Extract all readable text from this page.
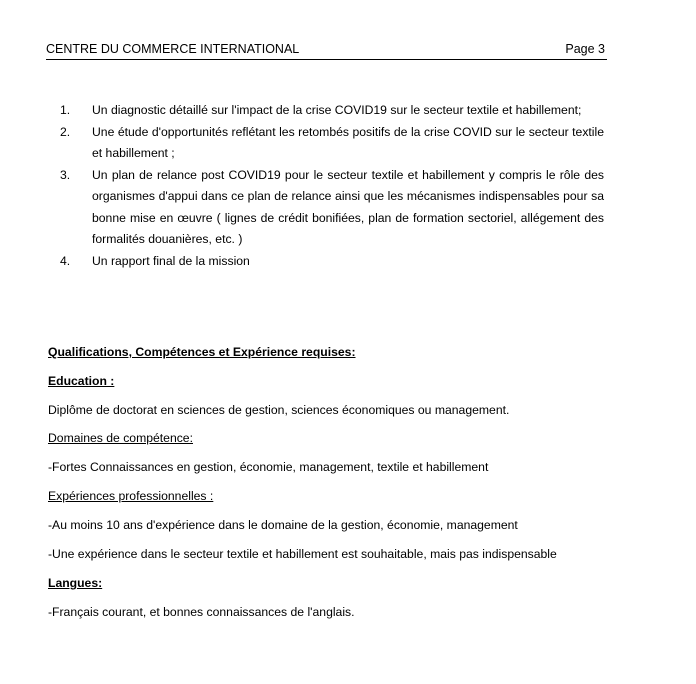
CENTRE DU COMMERCE INTERNATIONAL	Page 3
1. Un diagnostic détaillé sur l'impact de la crise COVID19 sur le secteur textile et habillement;
2. Une étude d'opportunités reflétant les retombés positifs de la crise COVID sur le secteur textile et habillement ;
3. Un plan de relance post COVID19 pour le secteur textile et habillement y compris le rôle des organismes d'appui dans ce plan de relance ainsi que les mécanismes indispensables pour sa bonne mise en œuvre ( lignes de crédit bonifiées, plan de formation sectoriel, allégement des formalités douanières, etc. )
4. Un rapport final de la mission
Qualifications, Compétences et Expérience requises:
Education :
Diplôme de doctorat en sciences de gestion, sciences économiques ou management.
Domaines de compétence:
-Fortes Connaissances en gestion, économie, management, textile et habillement
Expériences professionnelles :
-Au moins 10 ans d'expérience dans le domaine de la gestion, économie, management
-Une expérience dans le secteur textile et habillement est souhaitable, mais pas indispensable
Langues:
-Français courant, et bonnes connaissances de l'anglais.
